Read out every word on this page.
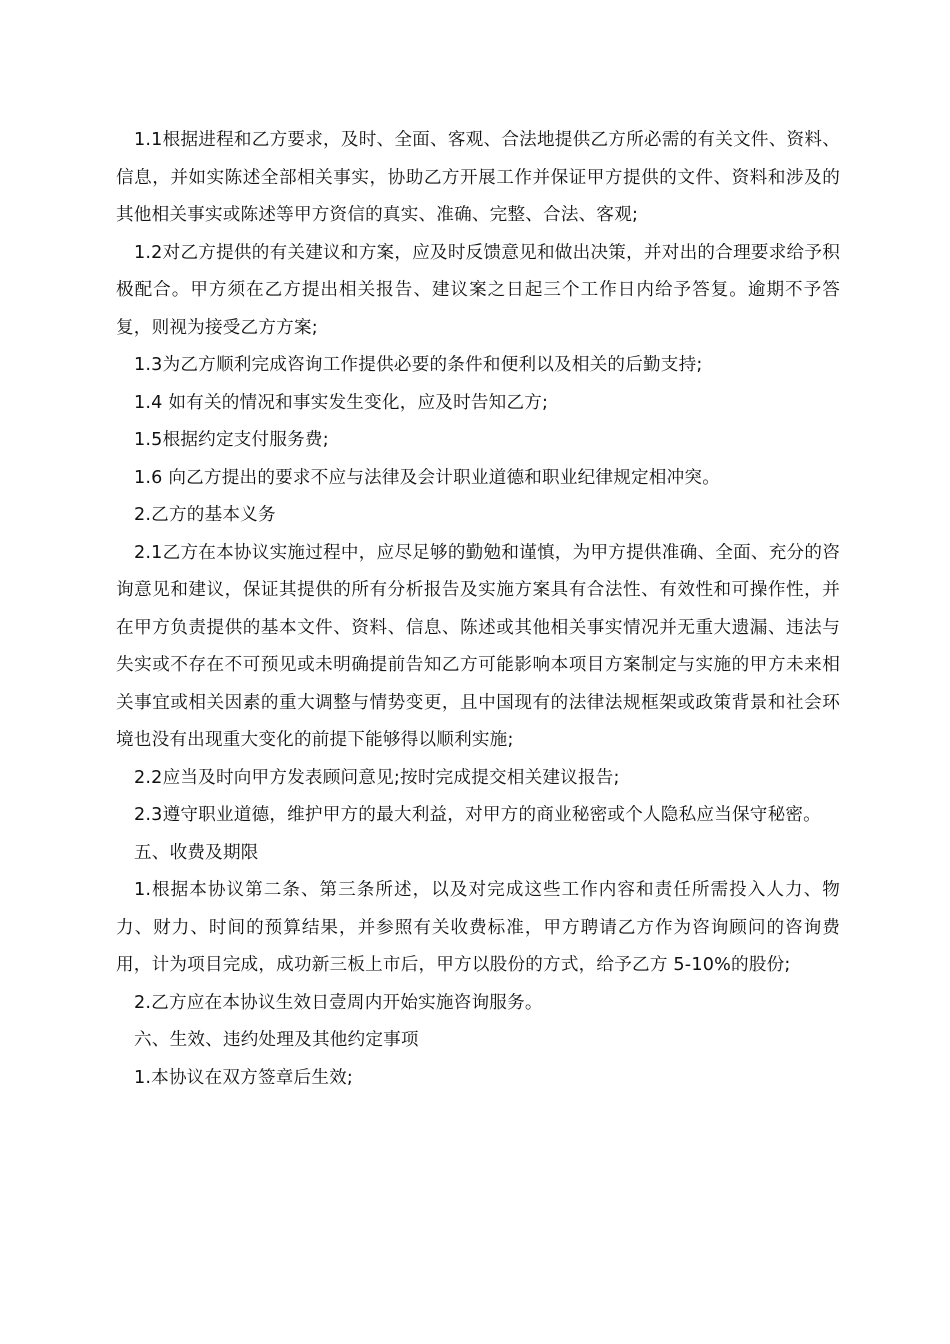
1.1根据进程和乙方要求，及时、全面、客观、合法地提供乙方所必需的有关文件、资料、信息，并如实陈述全部相关事实，协助乙方开展工作并保证甲方提供的文件、资料和涉及的其他相关事实或陈述等甲方资信的真实、准确、完整、合法、客观;

1.2对乙方提供的有关建议和方案，应及时反馈意见和做出决策，并对出的合理要求给予积极配合。甲方须在乙方提出相关报告、建议案之日起三个工作日内给予答复。逾期不予答复，则视为接受乙方方案;

1.3为乙方顺利完成咨询工作提供必要的条件和便利以及相关的后勤支持;

1.4 如有关的情况和事实发生变化，应及时告知乙方;

1.5根据约定支付服务费;

1.6 向乙方提出的要求不应与法律及会计职业道德和职业纪律规定相冲突。

2.乙方的基本义务

2.1乙方在本协议实施过程中，应尽足够的勤勉和谨慎，为甲方提供准确、全面、充分的咨询意见和建议，保证其提供的所有分析报告及实施方案具有合法性、有效性和可操作性，并在甲方负责提供的基本文件、资料、信息、陈述或其他相关事实情况并无重大遗漏、违法与失实或不存在不可预见或未明确提前告知乙方可能影响本项目方案制定与实施的甲方未来相关事宜或相关因素的重大调整与情势变更，且中国现有的法律法规框架或政策背景和社会环境也没有出现重大变化的前提下能够得以顺利实施;

2.2应当及时向甲方发表顾问意见;按时完成提交相关建议报告;

2.3遵守职业道德，维护甲方的最大利益，对甲方的商业秘密或个人隐私应当保守秘密。

五、收费及期限

1.根据本协议第二条、第三条所述，以及对完成这些工作内容和责任所需投入人力、物力、财力、时间的预算结果，并参照有关收费标准，甲方聘请乙方作为咨询顾问的咨询费用，计为项目完成，成功新三板上市后，甲方以股份的方式，给予乙方 5-10%的股份;

2.乙方应在本协议生效日壹周内开始实施咨询服务。

六、生效、违约处理及其他约定事项

1.本协议在双方签章后生效;
